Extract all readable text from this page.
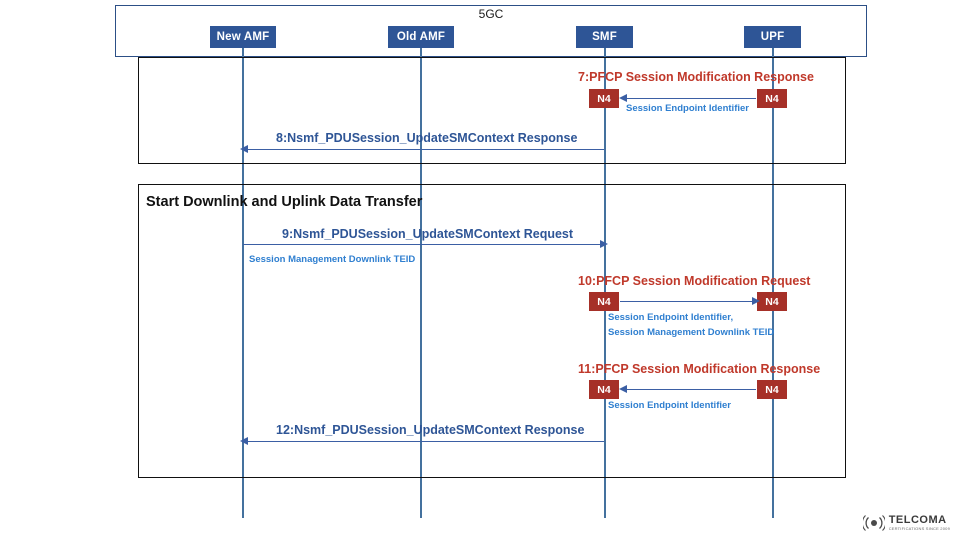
5GC
New AMF	Old AMF	SMF	UPF
Start Downlink and Uplink Data Transfer
7:PFCP Session Modification Response
N4	N4
Session Endpoint Identifier
8:Nsmf_PDUSession_UpdateSMContext Response
9:Nsmf_PDUSession_UpdateSMContext Request
Session Management Downlink TEID
10:PFCP Session Modification Request
N4	N4
Session Endpoint Identifier,
Session Management Downlink TEID
11:PFCP Session Modification Response
N4	N4
Session Endpoint Identifier
12:Nsmf_PDUSession_UpdateSMContext Response
TELCOMA
CERTIFICATIONS SINCE 2009
